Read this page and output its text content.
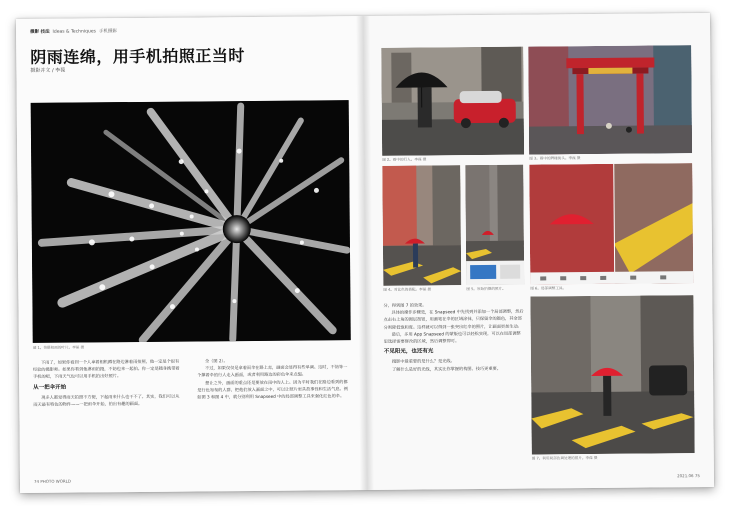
摄影 技法 Ideas & Techniques 手机摄影
阴雨连绵，用手机拍照正当时
摄影并文 / 李葆
图 1。拍摄积雨的叶片。李葆 摄

下雨了，如果你看到一个人拿着相机蹲在路边淋着雨拍照，他一定是个很有经验的摄影师。如果你看到他淋雨拍摄，不妨也来一起拍。你一定是随身携带着手机的吧，下雨天气也可以用手机拍出好照片。

从一把伞开始

现多人都觉得雨天拍照不方便，下起雨来什么也干不了。其实，我们可以从雨天最有特色的物件——一把雨伞开始，拍出有趣的画面。

全（图 2）。

不过，如果仅仅是拿着雨伞在路上走，画面会显得有些单调。这时，不妨等一个撑着伞的行人走入画面，或者利用路边的彩色伞来点缀。

想让之外，画面的重点还是要放在雨中的人上。因为平时我们在路边看到的都是行色匆匆的人群，把他们放入画面之中，可以让照片更具故事性和生活气息。例如图 3 和图 4 中，就分别利用 Snapseed 中的局部调整工具来强化红色的伞。

74 PHOTO WORLD
图 2。雨中的行人。李葆 摄	图 3。雨中的牌楼街头。李葆 摄
图 4。对比色的搭配。李葆 摄	图 5。原始拍摄的照片。	图 6。局部调整工具。

分，得到图 7 的效果。

具体的操作步骤是，在 Snapseed 中先找到并添加一个局部调整，然后点击右上角的图层按钮，用画笔在伞的区域涂抹，只保留伞的颜色，其余部分则降低饱和度。这样就可以得到一张突出红伞的照片，让画面更加生动。

最后，多用 App Snapseed 的蒙版也可以轻松实现，可以在局部调整里选择需要修改的区域，然后调整即可。

不见阳光，也还有光

摄影中最重要的是什么？是光线。

了解什么是好的光线，其实比你掌握的构图、技巧更重要。

图 7。利用局部色调处理的照片。李葆 摄
2021.06 75
